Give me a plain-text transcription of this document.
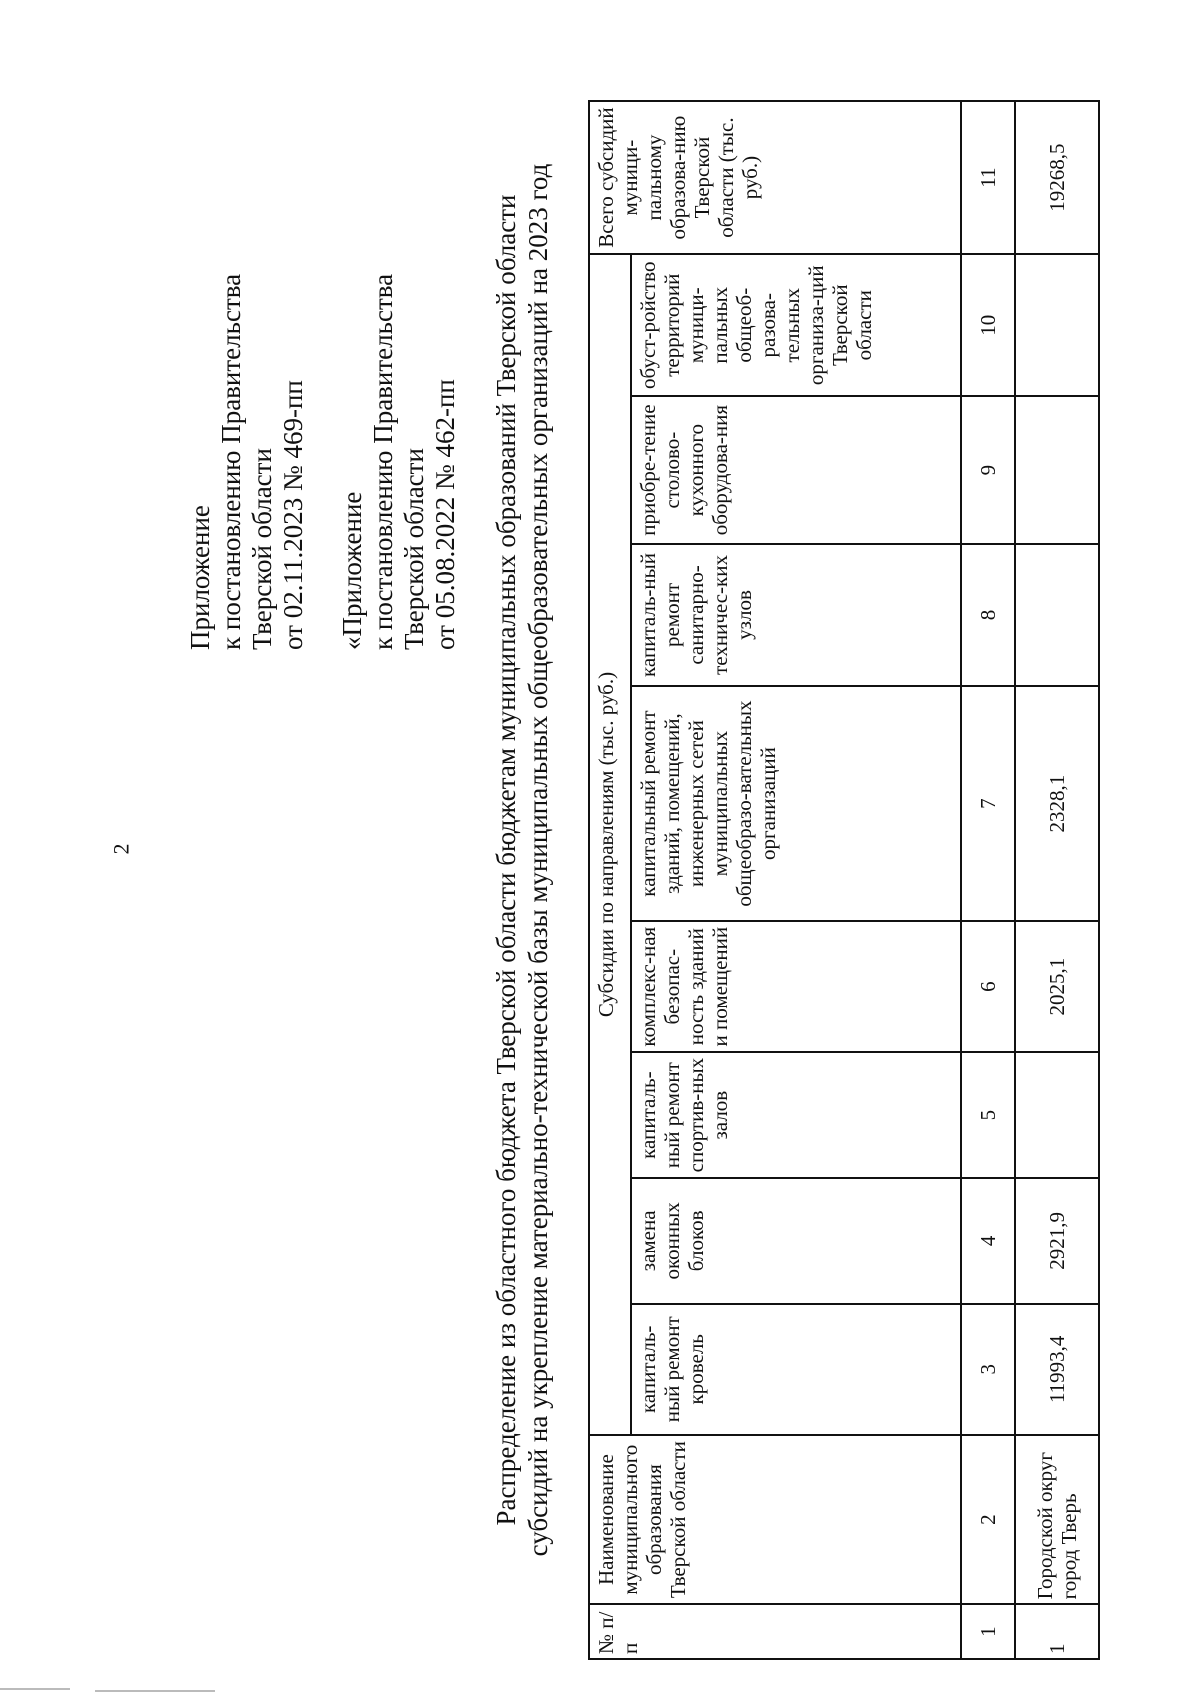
2
Приложение к постановлению Правительства Тверской области от 02.11.2023 № 469-пп «Приложение к постановлению Правительства Тверской области от 05.08.2022 № 462-пп Распределение из областного бюджета Тверской области бюджетам муниципальных образований Тверской области субсидий на укрепление материально-технической базы муниципальных общеобразовательных организаций на 2023 год
№ п/п	Наименование муниципального образования Тверской области	Субсидии по направлениям (тыс. руб.)								Всего субсидий муници-пальному образова-нию Тверской области (тыс. руб.)
		капиталь-ный ремонт кровель	замена оконных блоков	капиталь-ный ремонт спортив-ных залов	комплекс-ная безопас-ность зданий и помещений	капитальный ремонт зданий, помещений, инженерных сетей муниципальных общеобразо-вательных организаций	капиталь-ный ремонт санитарно-техничес-ких узлов	приобре-тение столово-кухонного оборудова-ния	обуст-ройство территорий муници-пальных общеоб-разова-тельных организа-ций Тверской области	
1	2	3	4	5	6	7	8	9	10	11
1	Городской округ город Тверь	11993,4	2921,9		2025,1	2328,1				19268,5
